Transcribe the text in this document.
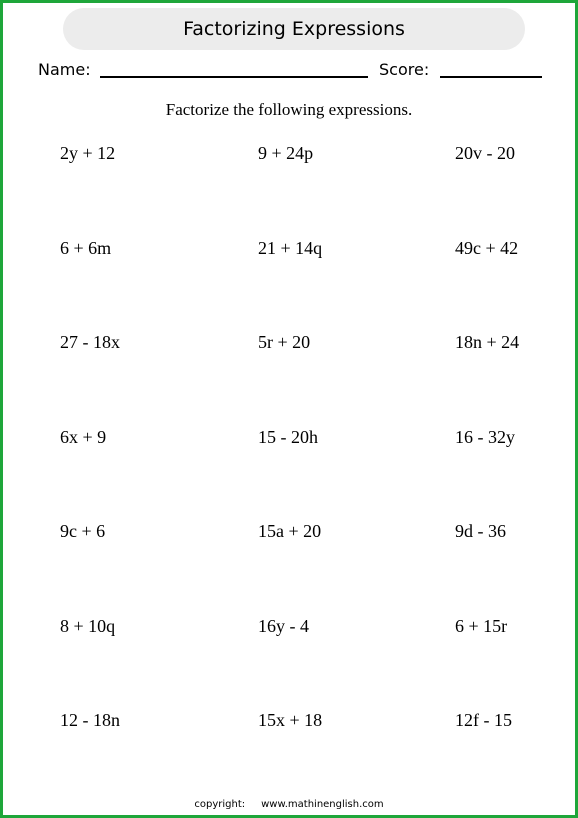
Factorizing Expressions
Name:	Score:
Factorize the following expressions.
2y + 12	9 + 24p	20v - 20
6 + 6m	21 + 14q	49c + 42
27 - 18x	5r + 20	18n + 24
6x + 9	15 - 20h	16 - 32y
9c + 6	15a + 20	9d - 36
8 + 10q	16y - 4	6 + 15r
12 - 18n	15x + 18	12f - 15
copyright: www.mathinenglish.com
